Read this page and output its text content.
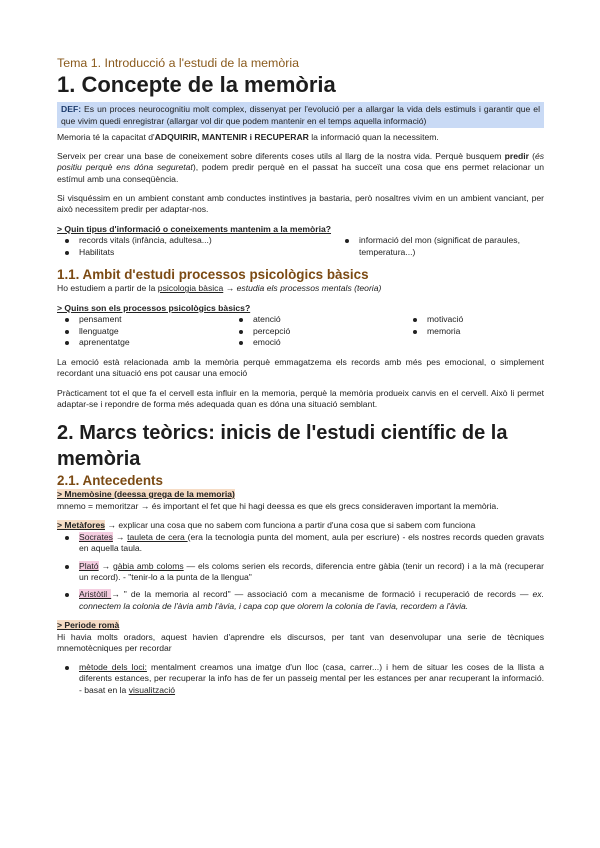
Tema 1. Introducció a l'estudi de la memòria

1. Concepte de la memòria

DEF: Es un proces neurocognitiu molt complex, dissenyat per l'evolució per a allargar la vida dels estimuls i garantir que el que vivim quedi enregistrar (allargar vol dir que podem mantenir en el temps aquella informació)

Memoria té la capacitat d'ADQUIRIR, MANTENIR i RECUPERAR la informació quan la necessitem.

Serveix per crear una base de coneixement sobre diferents coses utils al llarg de la nostra vida. Perquè busquem predir (és positiu perquè ens dóna seguretat), podem predir perquè en el passat ha succeït una cosa que ens permet relacionar un estímul amb una conseqüència.

Si visquéssim en un ambient constant amb conductes instintives ja bastaria, però nosaltres vivim en un ambient vanciant, per això necessitem predir per adaptar-nos.

> Quin tipus d'informació o coneixements mantenim a la memòria?

records vitals (infància, adultesa...)
Habilitats
informació del mon (significat de paraules, temperatura...)

1.1. Ambit d'estudi processos psicològics bàsics

Ho estudiem a partir de la psicologia bàsica → estudia els processos mentals (teoria)

> Quins son els processos psicològics bàsics?

pensament
llenguatge
aprenentatge
atenció
percepció
emoció
motivació
memoria

La emoció està relacionada amb la memòria perquè emmagatzema els records amb més pes emocional, o simplement recordant una situació ens pot causar una emoció

Pràcticament tot el que fa el cervell esta influir en la memoria, perquè la memòria produeix canvis en el cervell. Això li permet adaptar-se i repondre de forma més adequada quan es dóna una situació semblant.

2. Marcs teòrics: inicis de l'estudi científic de la

memòria

2.1. Antecedents

> Mnemòsine (deessa grega de la memoria)

mnemo = memoritzar → és important el fet que hi hagi deessa es que els grecs consideraven important la memòria.

> Metàfores → explicar una cosa que no sabem com funciona a partir d'una cosa que si sabem com funciona

Socrates → tauleta de cera (era la tecnologia punta del moment, aula per escriure) - els nostres records queden gravats en aquella taula.
Plató → gàbia amb coloms — els coloms serien els records, diferencia entre gàbia (tenir un record) i a la mà (recuperar un record). - "tenir-lo a la punta de la llengua"
Aristòtil → " de la memoria al record" — associació com a mecanisme de formació i recuperació de records — ex. connectem la colonia de l'àvia amb l'àvia, i capa cop que olorem la colonia de l'avia, recordem a l'àvia.

> Periode romà

Hi havia molts oradors, aquest havien d'aprendre els discursos, per tant van desenvolupar una serie de tècniques mnemotècniques per recordar

mètode dels loci: mentalment creamos una imatge d'un lloc (casa, carrer...) i hem de situar les coses de la llista a diferents estances, per recuperar la info has de fer un passeig mental per les estances per anar recuperant la informació. - basat en la visualització
